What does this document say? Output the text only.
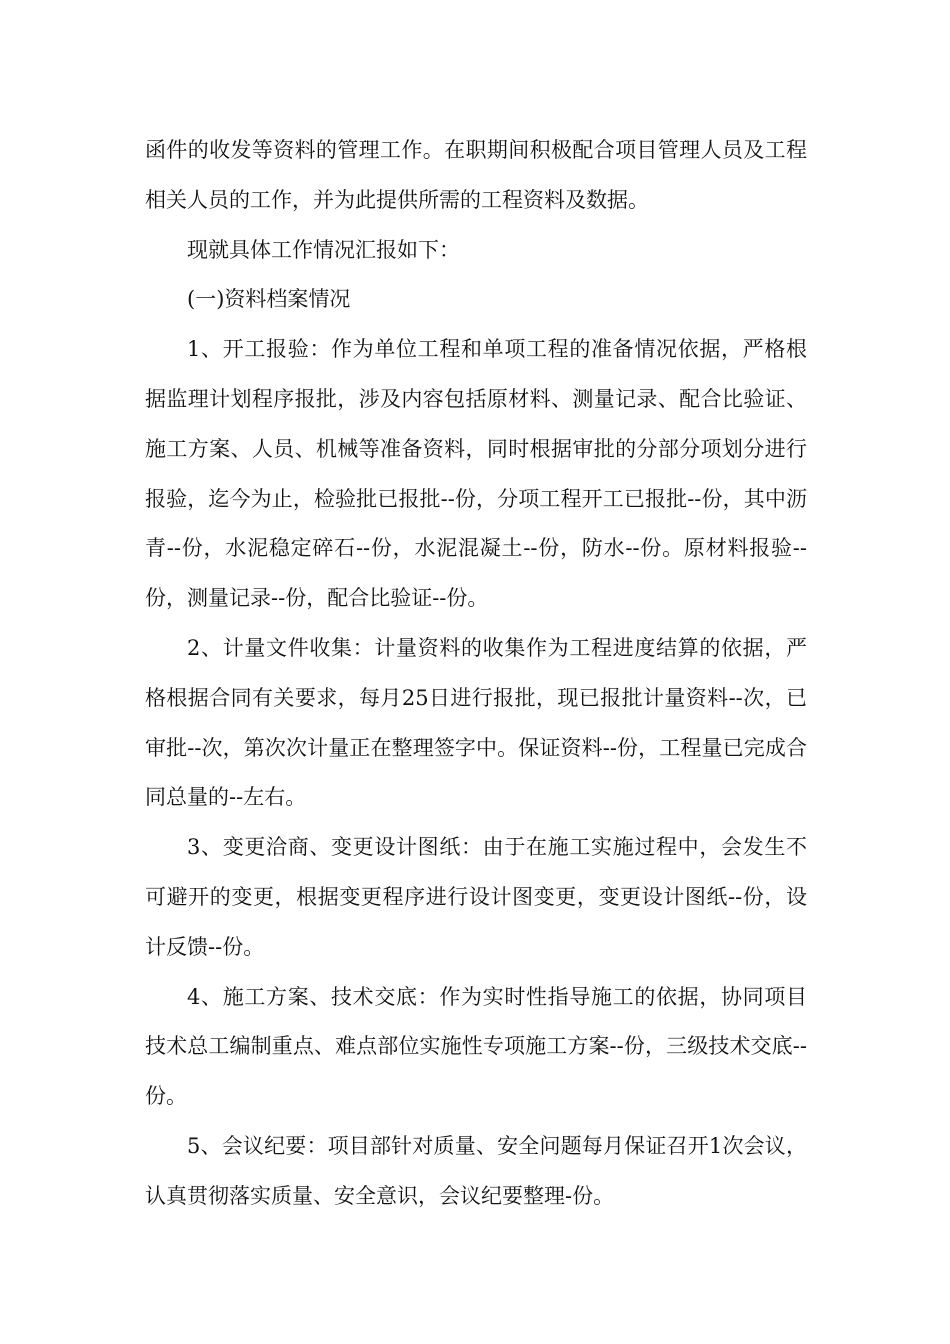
函件的收发等资料的管理工作。在职期间积极配合项目管理人员及工程相关人员的工作，并为此提供所需的工程资料及数据。

现就具体工作情况汇报如下：

(一)资料档案情况

1、开工报验：作为单位工程和单项工程的准备情况依据，严格根据监理计划程序报批，涉及内容包括原材料、测量记录、配合比验证、施工方案、人员、机械等准备资料，同时根据审批的分部分项划分进行报验，迄今为止，检验批已报批--份，分项工程开工已报批--份，其中沥青--份，水泥稳定碎石--份，水泥混凝土--份，防水--份。原材料报验--份，测量记录--份，配合比验证--份。

2、计量文件收集：计量资料的收集作为工程进度结算的依据，严格根据合同有关要求，每月25日进行报批，现已报批计量资料--次，已审批--次，第次次计量正在整理签字中。保证资料--份，工程量已完成合同总量的--左右。

3、变更洽商、变更设计图纸：由于在施工实施过程中，会发生不可避开的变更，根据变更程序进行设计图变更，变更设计图纸--份，设计反馈--份。

4、施工方案、技术交底：作为实时性指导施工的依据，协同项目技术总工编制重点、难点部位实施性专项施工方案--份，三级技术交底--份。

5、会议纪要：项目部针对质量、安全问题每月保证召开1次会议，认真贯彻落实质量、安全意识，会议纪要整理-份。
